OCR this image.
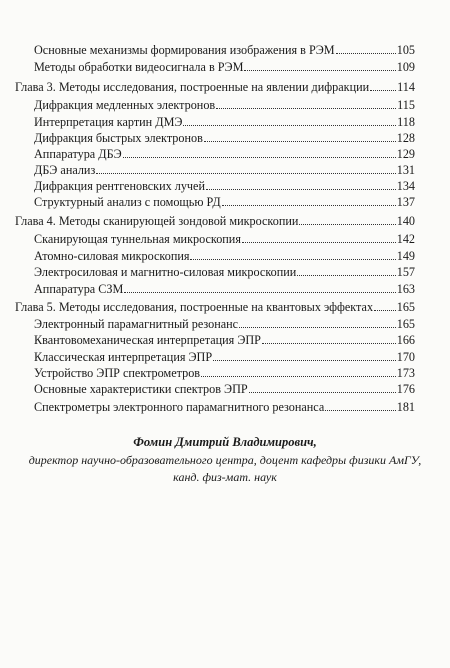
Основные механизмы формирования изображения в РЭМ	105
Методы обработки видеосигнала в РЭМ	109
Глава 3. Методы исследования, построенные на явлении дифракции 114
Дифракция медленных электронов	115
Интерпретация картин ДМЭ	118
Дифракция быстрых электронов	128
Аппаратура ДБЭ	129
ДБЭ анализ	131
Дифракция рентгеновских лучей	134
Структурный анализ с помощью РД	137
Глава 4. Методы сканирующей зондовой микроскопии	140
Сканирующая туннельная микроскопия	142
Атомно-силовая микроскопия	149
Электросиловая и магнитно-силовая микроскопии	157
Аппаратура СЗМ	163
Глава 5. Методы исследования, построенные на квантовых эффектах 165
Электронный парамагнитный резонанс	165
Квантовомеханическая интерпретация ЭПР	166
Классическая интерпретация ЭПР	170
Устройство ЭПР спектрометров	173
Основные характеристики спектров ЭПР	176
Спектрометры электронного парамагнитного резонанса	181
Фомин Дмитрий Владимирович,
директор научно-образовательного центра, доцент кафедры физики АмГУ,
канд. физ-мат. наук
